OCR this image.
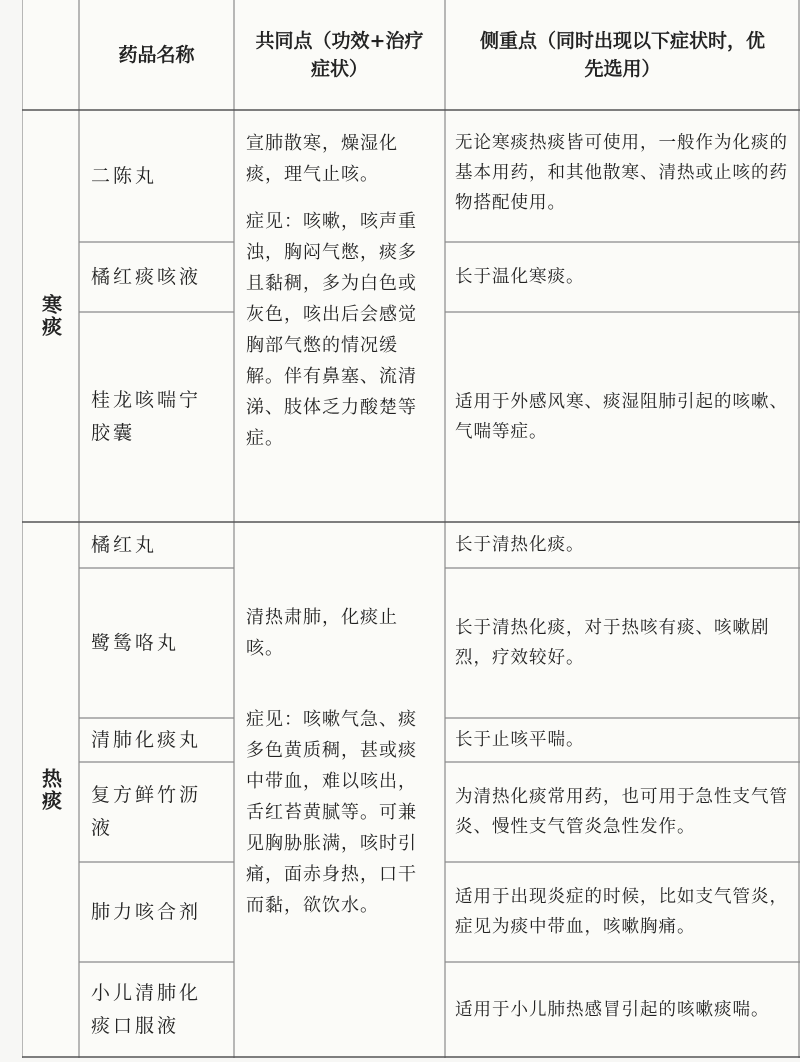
药品名称
共同点（功效+治疗症状）
侧重点（同时出现以下症状时，优先选用）
寒痰
二陈丸
橘红痰咳液
桂龙咳喘宁胶囊

宣肺散寒，燥湿化痰，理气止咳。

症见：咳嗽，咳声重浊，胸闷气憋，痰多且黏稠，多为白色或灰色，咳出后会感觉胸部气憋的情况缓解。伴有鼻塞、流清涕、肢体乏力酸楚等症。

无论寒痰热痰皆可使用，一般作为化痰的基本用药，和其他散寒、清热或止咳的药物搭配使用。
长于温化寒痰。
适用于外感风寒、痰湿阻肺引起的咳嗽、气喘等症。
热痰
橘红丸
鹭鸶咯丸
清肺化痰丸
复方鲜竹沥液
肺力咳合剂
小儿清肺化痰口服液

清热肃肺，化痰止咳。

症见：咳嗽气急、痰多色黄质稠，甚或痰中带血，难以咳出，舌红苔黄腻等。可兼见胸胁胀满，咳时引痛，面赤身热，口干而黏，欲饮水。

长于清热化痰。
长于清热化痰，对于热咳有痰、咳嗽剧烈，疗效较好。
长于止咳平喘。
为清热化痰常用药，也可用于急性支气管炎、慢性支气管炎急性发作。
适用于出现炎症的时候，比如支气管炎，症见为痰中带血，咳嗽胸痛。
适用于小儿肺热感冒引起的咳嗽痰喘。
